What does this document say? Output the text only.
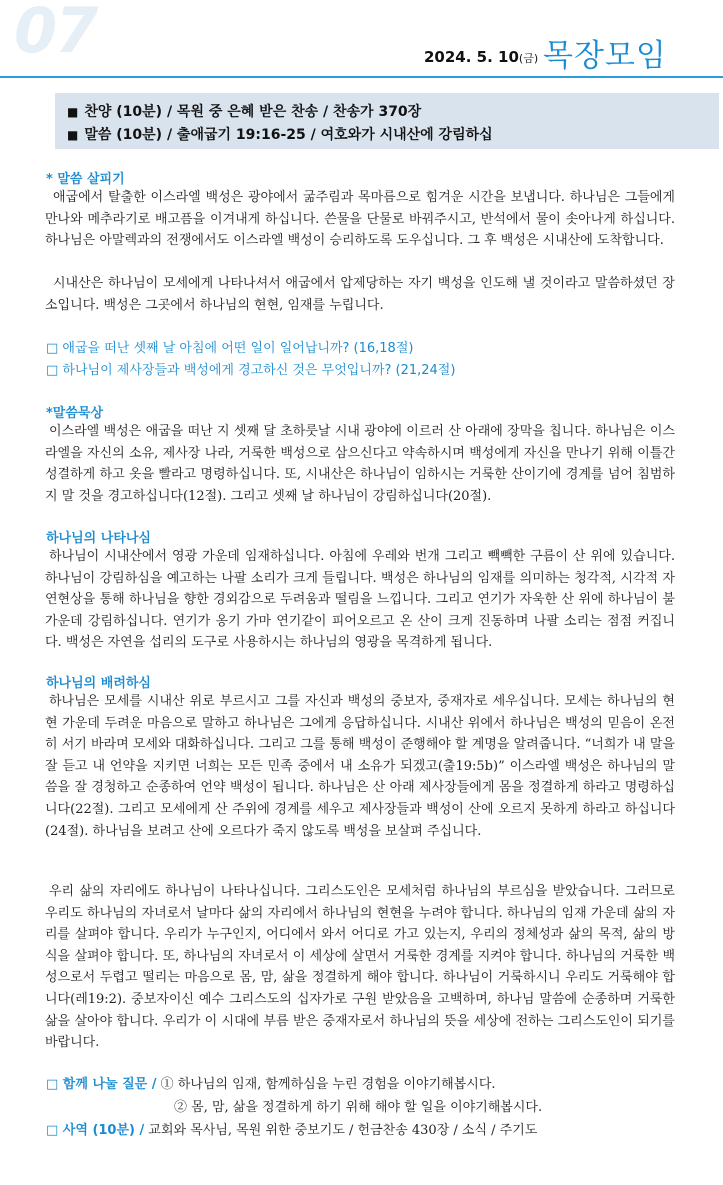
07	2024. 5. 10(금) 목장모임
■ 찬양 (10분) / 목원 중 은혜 받은 찬송 / 찬송가 370장
■ 말씀 (10분) / 출애굽기 19:16-25 / 여호와가 시내산에 강림하십
* 말씀 살피기
애굽에서 탈출한 이스라엘 백성은 광야에서 굶주림과 목마름으로 힘겨운 시간을 보냅니다. 하나님은 그들에게 만나와 메추라기로 배고픔을 이겨내게 하십니다. 쓴물을 단물로 바꿔주시고, 반석에서 물이 솟아나게 하십니다. 하나님은 아말렉과의 전쟁에서도 이스라엘 백성이 승리하도록 도우십니다. 그 후 백성은 시내산에 도착합니다.
시내산은 하나님이 모세에게 나타나셔서 애굽에서 압제당하는 자기 백성을 인도해 낼 것이라고 말씀하셨던 장소입니다. 백성은 그곳에서 하나님의 현현, 임재를 누립니다.
□ 애굽을 떠난 셋째 날 아침에 어떤 일이 일어납니까? (16,18절)
□ 하나님이 제사장들과 백성에게 경고하신 것은 무엇입니까? (21,24절)
*말씀묵상
이스라엘 백성은 애굽을 떠난 지 셋째 달 초하룻날 시내 광야에 이르러 산 아래에 장막을 칩니다. 하나님은 이스라엘을 자신의 소유, 제사장 나라, 거룩한 백성으로 삼으신다고 약속하시며 백성에게 자신을 만나기 위해 이틀간 성결하게 하고 옷을 빨라고 명령하십니다. 또, 시내산은 하나님이 임하시는 거룩한 산이기에 경계를 넘어 침범하지 말 것을 경고하십니다(12절). 그리고 셋째 날 하나님이 강림하십니다(20절).
하나님의 나타나심
하나님이 시내산에서 영광 가운데 임재하십니다. 아침에 우레와 번개 그리고 빽빽한 구름이 산 위에 있습니다. 하나님이 강림하심을 예고하는 나팔 소리가 크게 들립니다. 백성은 하나님의 임재를 의미하는 청각적, 시각적 자연현상을 통해 하나님을 향한 경외감으로 두려움과 떨림을 느낍니다. 그리고 연기가 자욱한 산 위에 하나님이 불 가운데 강림하십니다. 연기가 옹기 가마 연기같이 피어오르고 온 산이 크게 진동하며 나팔 소리는 점점 커집니다. 백성은 자연을 섭리의 도구로 사용하시는 하나님의 영광을 목격하게 됩니다.
하나님의 배려하심
하나님은 모세를 시내산 위로 부르시고 그를 자신과 백성의 중보자, 중재자로 세우십니다. 모세는 하나님의 현현 가운데 두려운 마음으로 말하고 하나님은 그에게 응답하십니다. 시내산 위에서 하나님은 백성의 믿음이 온전히 서기 바라며 모세와 대화하십니다. 그리고 그를 통해 백성이 준행해야 할 계명을 알려줍니다. “너희가 내 말을 잘 듣고 내 언약을 지키면 너희는 모든 민족 중에서 내 소유가 되겠고(출19:5b)” 이스라엘 백성은 하나님의 말씀을 잘 경청하고 순종하여 언약 백성이 됩니다. 하나님은 산 아래 제사장들에게 몸을 정결하게 하라고 명령하십니다(22절). 그리고 모세에게 산 주위에 경계를 세우고 제사장들과 백성이 산에 오르지 못하게 하라고 하십니다(24절). 하나님을 보려고 산에 오르다가 죽지 않도록 백성을 보살펴 주십니다.
우리 삶의 자리에도 하나님이 나타나십니다. 그리스도인은 모세처럼 하나님의 부르심을 받았습니다. 그러므로 우리도 하나님의 자녀로서 날마다 삶의 자리에서 하나님의 현현을 누려야 합니다. 하나님의 임재 가운데 삶의 자리를 살펴야 합니다. 우리가 누구인지, 어디에서 와서 어디로 가고 있는지, 우리의 정체성과 삶의 목적, 삶의 방식을 살펴야 합니다. 또, 하나님의 자녀로서 이 세상에 살면서 거룩한 경계를 지켜야 합니다. 하나님의 거룩한 백성으로서 두렵고 떨리는 마음으로 몸, 맘, 삶을 정결하게 해야 합니다. 하나님이 거룩하시니 우리도 거룩해야 합니다(레19:2). 중보자이신 예수 그리스도의 십자가로 구원 받았음을 고백하며, 하나님 말씀에 순종하며 거룩한 삶을 살아야 합니다. 우리가 이 시대에 부름 받은 중재자로서 하나님의 뜻을 세상에 전하는 그리스도인이 되기를 바랍니다.
□ 함께 나눌 질문 / ① 하나님의 임재, 함께하심을 누린 경험을 이야기해봅시다.
② 몸, 맘, 삶을 정결하게 하기 위해 해야 할 일을 이야기해봅시다.
□ 사역 (10분) / 교회와 목사님, 목원 위한 중보기도 / 헌금찬송 430장 / 소식 / 주기도
